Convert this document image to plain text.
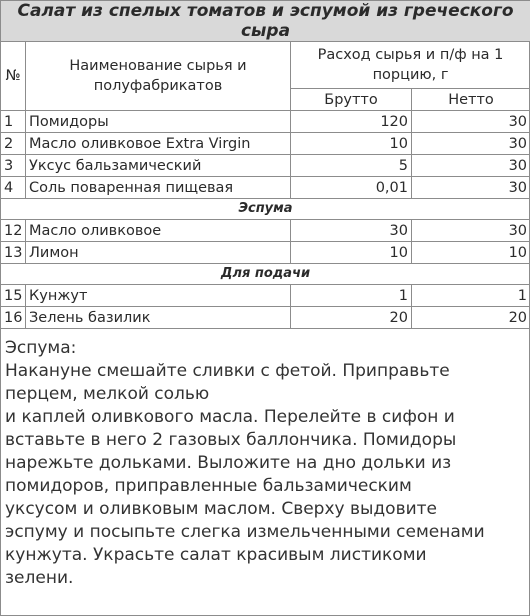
Салат из спелых томатов и эспумой из греческого сыра			
№	Наименование сырья и полуфабрикатов	Расход сырья и п/ф на 1 порцию, г	
		Брутто	Нетто
1	Помидоры	120	30
2	Масло оливковое Extra Virgin	10	30
3	Уксус бальзамический	5	30
4	Соль поваренная пищевая	0,01	30
Эспума			
12	Масло оливковое	30	30
13	Лимон	10	10
Для подачи			
15	Кунжут	1	1
16	Зелень базилик	20	20
Эспума:
Накануне смешайте сливки с фетой. Приправьте
перцем, мелкой солью
и каплей оливкового масла. Перелейте в сифон и
вставьте в него 2 газовых баллончика. Помидоры
нарежьте дольками. Выложите на дно дольки из
помидоров, приправленные бальзамическим
уксусом и оливковым маслом. Сверху выдовите
эспуму и посыпьте слегка измельченными семенами
кунжута. Украсьте салат красивым листикоми
зелени.
